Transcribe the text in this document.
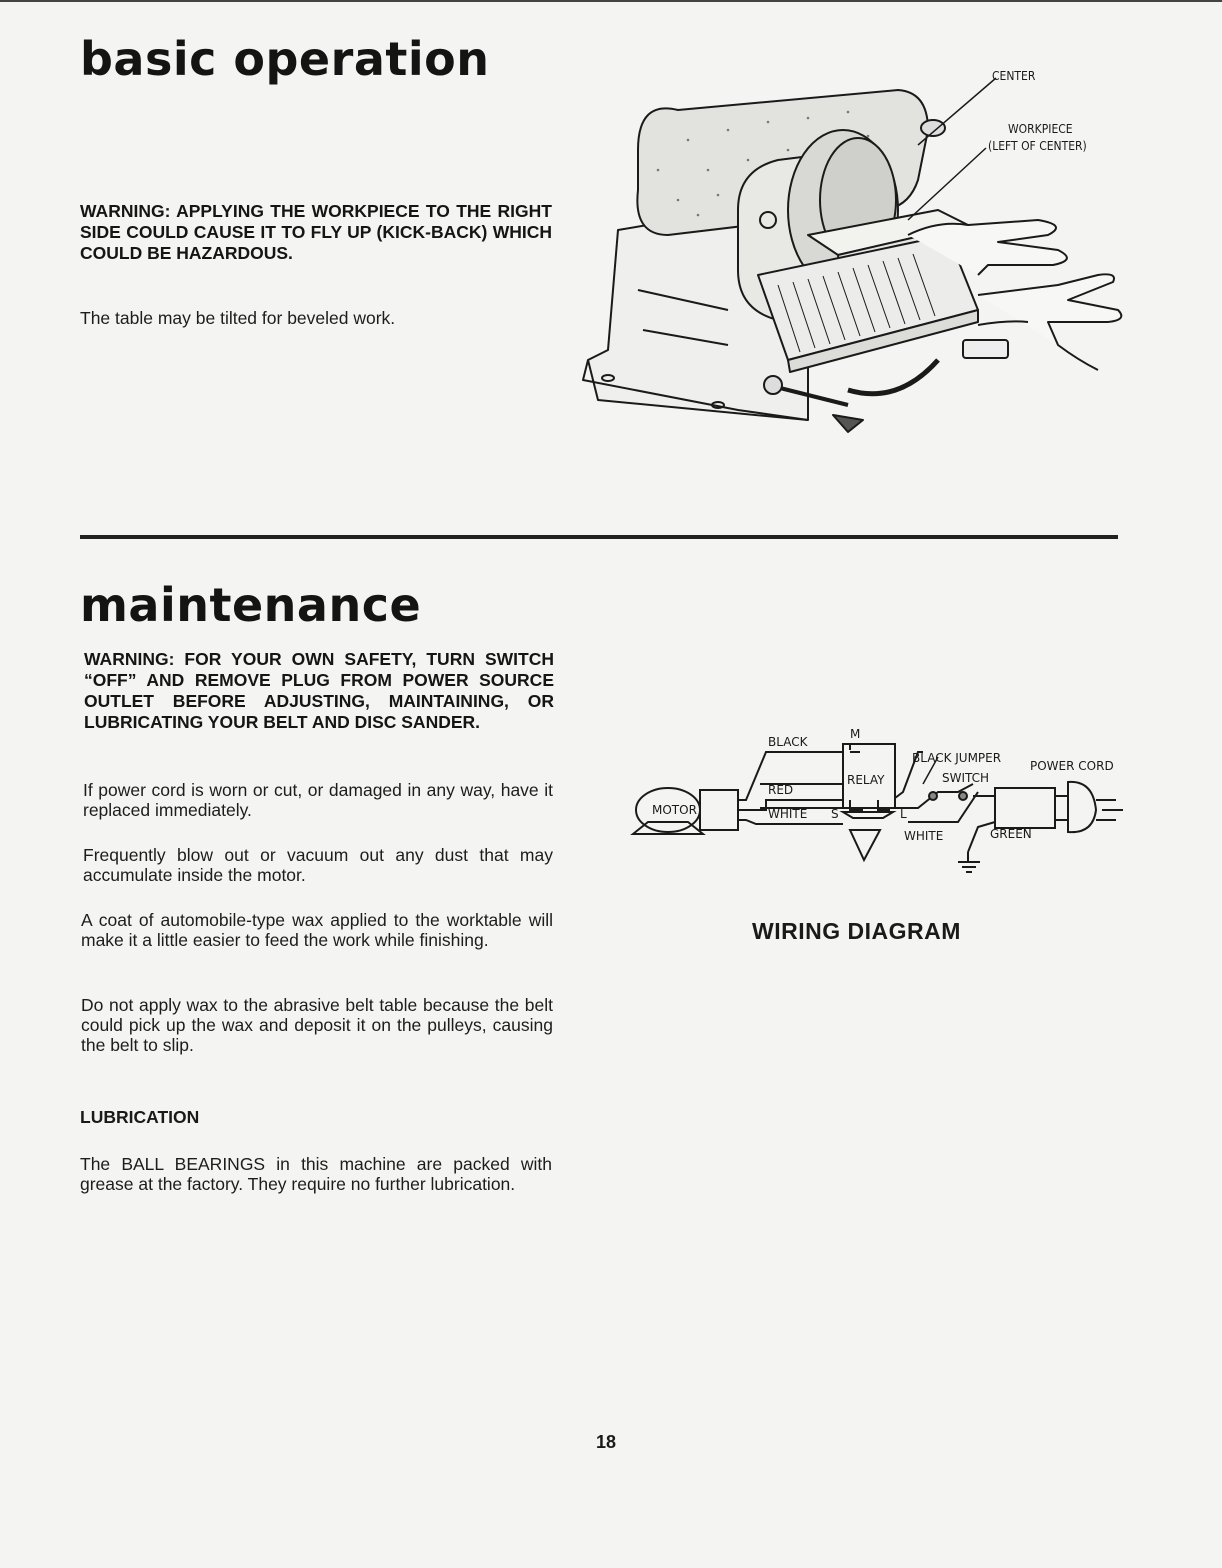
basic operation

WARNING: APPLYING THE WORKPIECE TO THE RIGHT SIDE COULD CAUSE IT TO FLY UP (KICK-BACK) WHICH COULD BE HAZARDOUS.

The table may be tilted for beveled work.

CENTER
WORKPIECE
(LEFT OF CENTER)
maintenance

WARNING: FOR YOUR OWN SAFETY, TURN SWITCH “OFF” AND REMOVE PLUG FROM POWER SOURCE OUTLET BEFORE ADJUSTING, MAINTAINING, OR LUBRICATING YOUR BELT AND DISC SANDER.

If power cord is worn or cut, or damaged in any way, have it replaced immediately.

Frequently blow out or vacuum out any dust that may accumulate inside the motor.

A coat of automobile-type wax applied to the worktable will make it a little easier to feed the work while finishing.

Do not apply wax to the abrasive belt table because the belt could pick up the wax and deposit it on the pulleys, causing the belt to slip.

LUBRICATION

The BALL BEARINGS in this machine are packed with grease at the factory. They require no further lubrication.

MOTOR
BLACK
RED
WHITE
M
RELAY
S	L
BLACK JUMPER
SWITCH
POWER CORD
WHITE	GREEN

WIRING DIAGRAM

18
